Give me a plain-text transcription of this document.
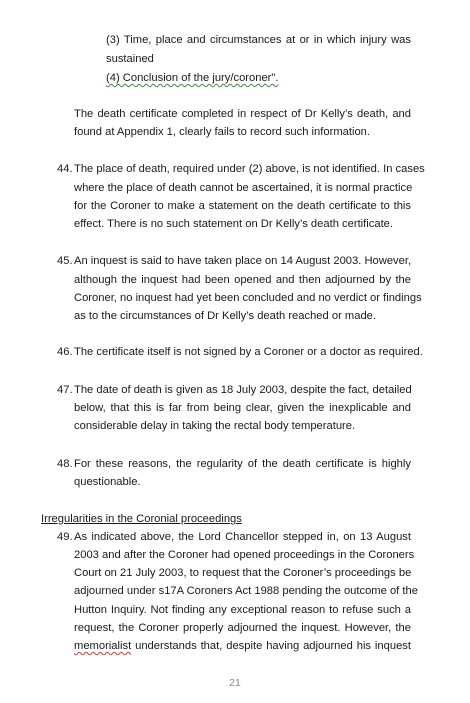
(3) Time, place and circumstances at or in which injury was
sustained
(4) Conclusion of the jury/coroner".
The death certificate completed in respect of Dr Kelly’s death, and
found at Appendix 1, clearly fails to record such information.
44. The place of death, required under (2) above, is not identified. In cases
where the place of death cannot be ascertained, it is normal practice
for the Coroner to make a statement on the death certificate to this
effect. There is no such statement on Dr Kelly’s death certificate.
45. An inquest is said to have taken place on 14 August 2003. However,
although the inquest had been opened and then adjourned by the
Coroner, no inquest had yet been concluded and no verdict or findings
as to the circumstances of Dr Kelly’s death reached or made.
46. The certificate itself is not signed by a Coroner or a doctor as required.
47. The date of death is given as 18 July 2003, despite the fact, detailed
below, that this is far from being clear, given the inexplicable and
considerable delay in taking the rectal body temperature.
48. For these reasons, the regularity of the death certificate is highly
questionable.
Irregularities in the Coronial proceedings
49. As indicated above, the Lord Chancellor stepped in, on 13 August
2003 and after the Coroner had opened proceedings in the Coroners
Court on 21 July 2003, to request that the Coroner’s proceedings be
adjourned under s17A Coroners Act 1988 pending the outcome of the
Hutton Inquiry. Not finding any exceptional reason to refuse such a
request, the Coroner properly adjourned the inquest. However, the
memorialist understands that, despite having adjourned his inquest
21
